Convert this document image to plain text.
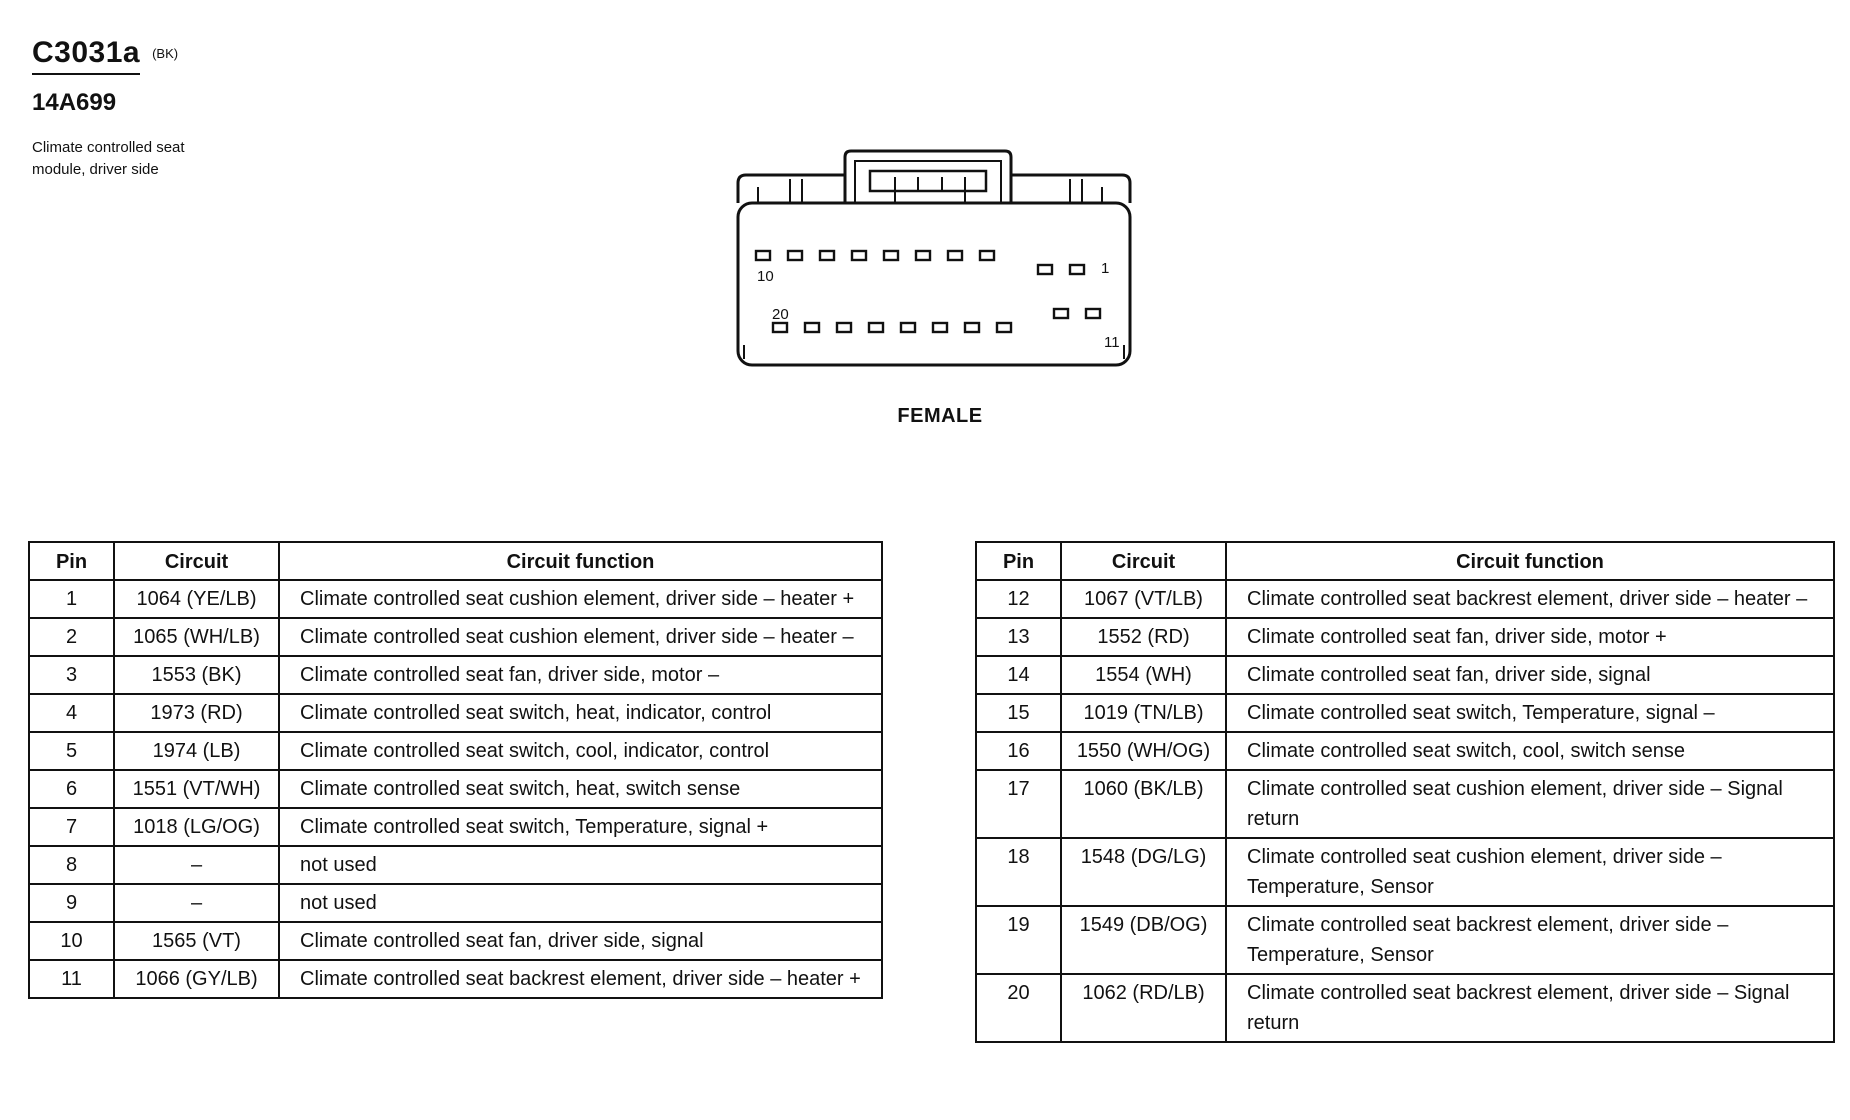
C3031a $^{(BK)}$
14A699
Climate controlled seat module, driver side
10	1
20
11
FEMALE
Pin	Circuit	Circuit function
1	1064 (YE/LB)	Climate controlled seat cushion element, driver side – heater +
2	1065 (WH/LB)	Climate controlled seat cushion element, driver side – heater –
3	1553 (BK)	Climate controlled seat fan, driver side, motor –
4	1973 (RD)	Climate controlled seat switch, heat, indicator, control
5	1974 (LB)	Climate controlled seat switch, cool, indicator, control
6	1551 (VT/WH)	Climate controlled seat switch, heat, switch sense
7	1018 (LG/OG)	Climate controlled seat switch, Temperature, signal +
8	–	not used
9	–	not used
10	1565 (VT)	Climate controlled seat fan, driver side, signal
11	1066 (GY/LB)	Climate controlled seat backrest element, driver side – heater +
Pin	Circuit	Circuit function
12	1067 (VT/LB)	Climate controlled seat backrest element, driver side – heater –
13	1552 (RD)	Climate controlled seat fan, driver side, motor +
14	1554 (WH)	Climate controlled seat fan, driver side, signal
15	1019 (TN/LB)	Climate controlled seat switch, Temperature, signal –
16	1550 (WH/OG)	Climate controlled seat switch, cool, switch sense
17	1060 (BK/LB)	Climate controlled seat cushion element, driver side – Signal return
18	1548 (DG/LG)	Climate controlled seat cushion element, driver side – Temperature, Sensor
19	1549 (DB/OG)	Climate controlled seat backrest element, driver side – Temperature, Sensor
20	1062 (RD/LB)	Climate controlled seat backrest element, driver side – Signal return
